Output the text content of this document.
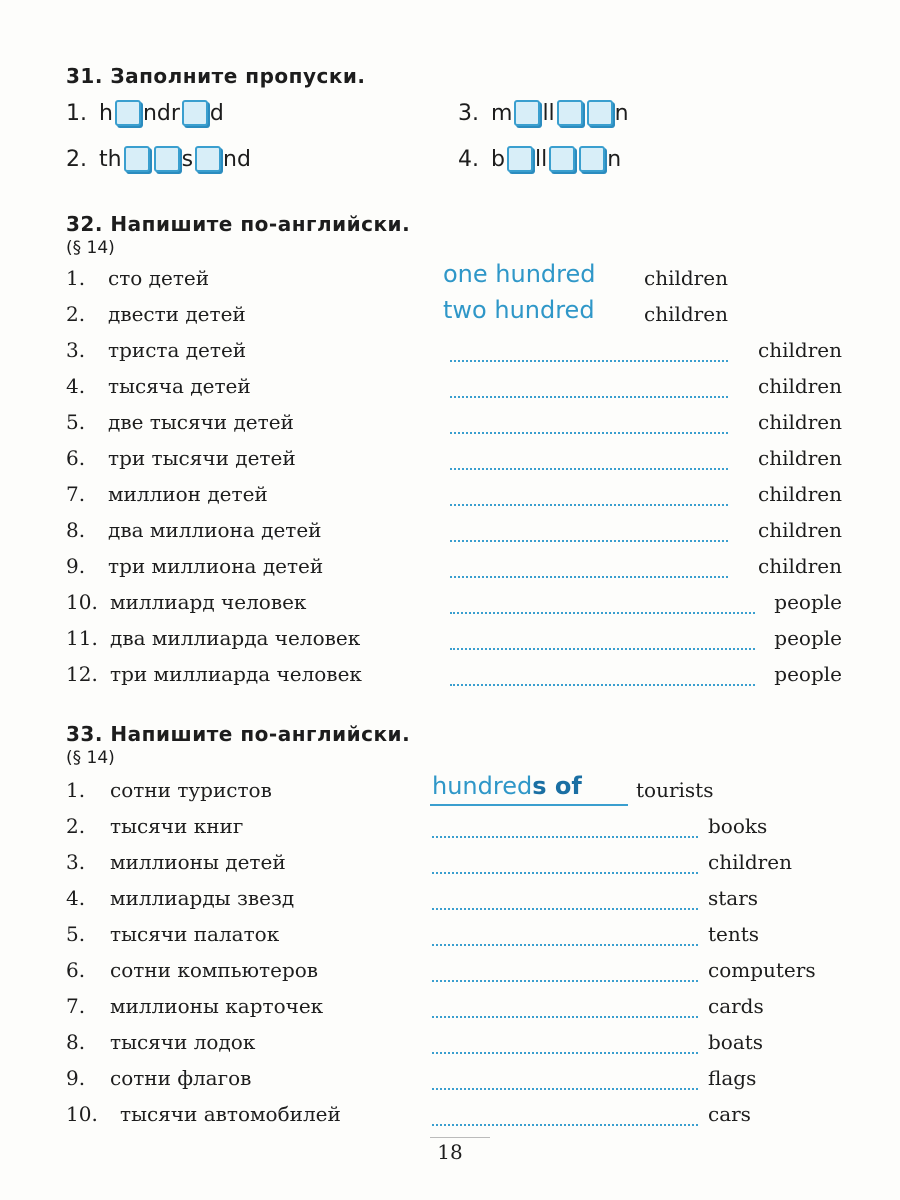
31. Заполните пропуски.
1. h ndr d
2. th	s nd
3. m ll	n
4. b ll	n
32. Напишите по-английски.
(§ 14)
1. сто детей	one hundred children
2. двести детей	two hundred children
3. триста детей	children
4. тысяча детей	children
5. две тысячи детей	children
6. три тысячи детей	children
7. миллион детей	children
8. два миллиона детей	children
9. три миллиона детей	children
10. миллиард человек	people
11. два миллиарда человек	people
12. три миллиарда человек	people
33. Напишите по-английски.
(§ 14)
1. сотни туристов	hundreds of	tourists
2. тысячи книг	books
3. миллионы детей	children
4. миллиарды звезд	stars
5. тысячи палаток	tents
6. сотни компьютеров	computers
7. миллионы карточек	cards
8. тысячи лодок	boats
9. сотни флагов	flags
10. тысячи автомобилей	cars
18
